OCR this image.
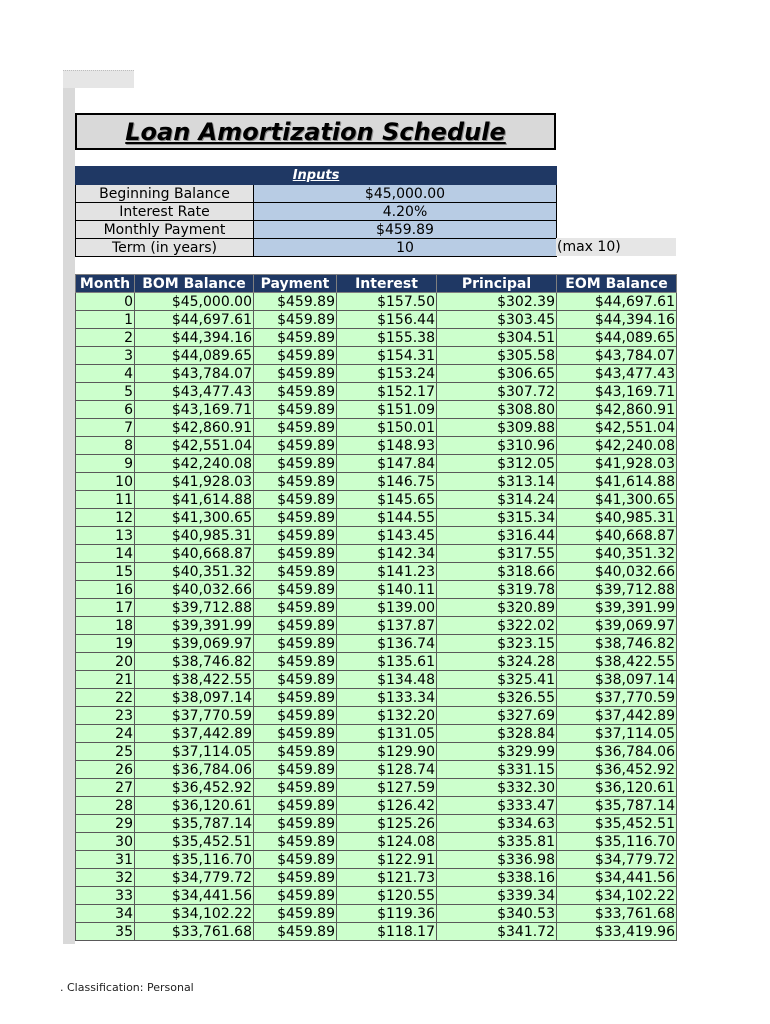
Loan Amortization Schedule
Inputs	
Beginning Balance	$45,000.00
Interest Rate	4.20%
Monthly Payment	$459.89
Term (in years)	10	(max 10)
Month	BOM Balance	Payment	Interest	Principal	EOM Balance
0	$45,000.00	$459.89	$157.50	$302.39	$44,697.61
1	$44,697.61	$459.89	$156.44	$303.45	$44,394.16
2	$44,394.16	$459.89	$155.38	$304.51	$44,089.65
3	$44,089.65	$459.89	$154.31	$305.58	$43,784.07
4	$43,784.07	$459.89	$153.24	$306.65	$43,477.43
5	$43,477.43	$459.89	$152.17	$307.72	$43,169.71
6	$43,169.71	$459.89	$151.09	$308.80	$42,860.91
7	$42,860.91	$459.89	$150.01	$309.88	$42,551.04
8	$42,551.04	$459.89	$148.93	$310.96	$42,240.08
9	$42,240.08	$459.89	$147.84	$312.05	$41,928.03
10	$41,928.03	$459.89	$146.75	$313.14	$41,614.88
11	$41,614.88	$459.89	$145.65	$314.24	$41,300.65
12	$41,300.65	$459.89	$144.55	$315.34	$40,985.31
13	$40,985.31	$459.89	$143.45	$316.44	$40,668.87
14	$40,668.87	$459.89	$142.34	$317.55	$40,351.32
15	$40,351.32	$459.89	$141.23	$318.66	$40,032.66
16	$40,032.66	$459.89	$140.11	$319.78	$39,712.88
17	$39,712.88	$459.89	$139.00	$320.89	$39,391.99
18	$39,391.99	$459.89	$137.87	$322.02	$39,069.97
19	$39,069.97	$459.89	$136.74	$323.15	$38,746.82
20	$38,746.82	$459.89	$135.61	$324.28	$38,422.55
21	$38,422.55	$459.89	$134.48	$325.41	$38,097.14
22	$38,097.14	$459.89	$133.34	$326.55	$37,770.59
23	$37,770.59	$459.89	$132.20	$327.69	$37,442.89
24	$37,442.89	$459.89	$131.05	$328.84	$37,114.05
25	$37,114.05	$459.89	$129.90	$329.99	$36,784.06
26	$36,784.06	$459.89	$128.74	$331.15	$36,452.92
27	$36,452.92	$459.89	$127.59	$332.30	$36,120.61
28	$36,120.61	$459.89	$126.42	$333.47	$35,787.14
29	$35,787.14	$459.89	$125.26	$334.63	$35,452.51
30	$35,452.51	$459.89	$124.08	$335.81	$35,116.70
31	$35,116.70	$459.89	$122.91	$336.98	$34,779.72
32	$34,779.72	$459.89	$121.73	$338.16	$34,441.56
33	$34,441.56	$459.89	$120.55	$339.34	$34,102.22
34	$34,102.22	$459.89	$119.36	$340.53	$33,761.68
35	$33,761.68	$459.89	$118.17	$341.72	$33,419.96
. Classification: Personal
